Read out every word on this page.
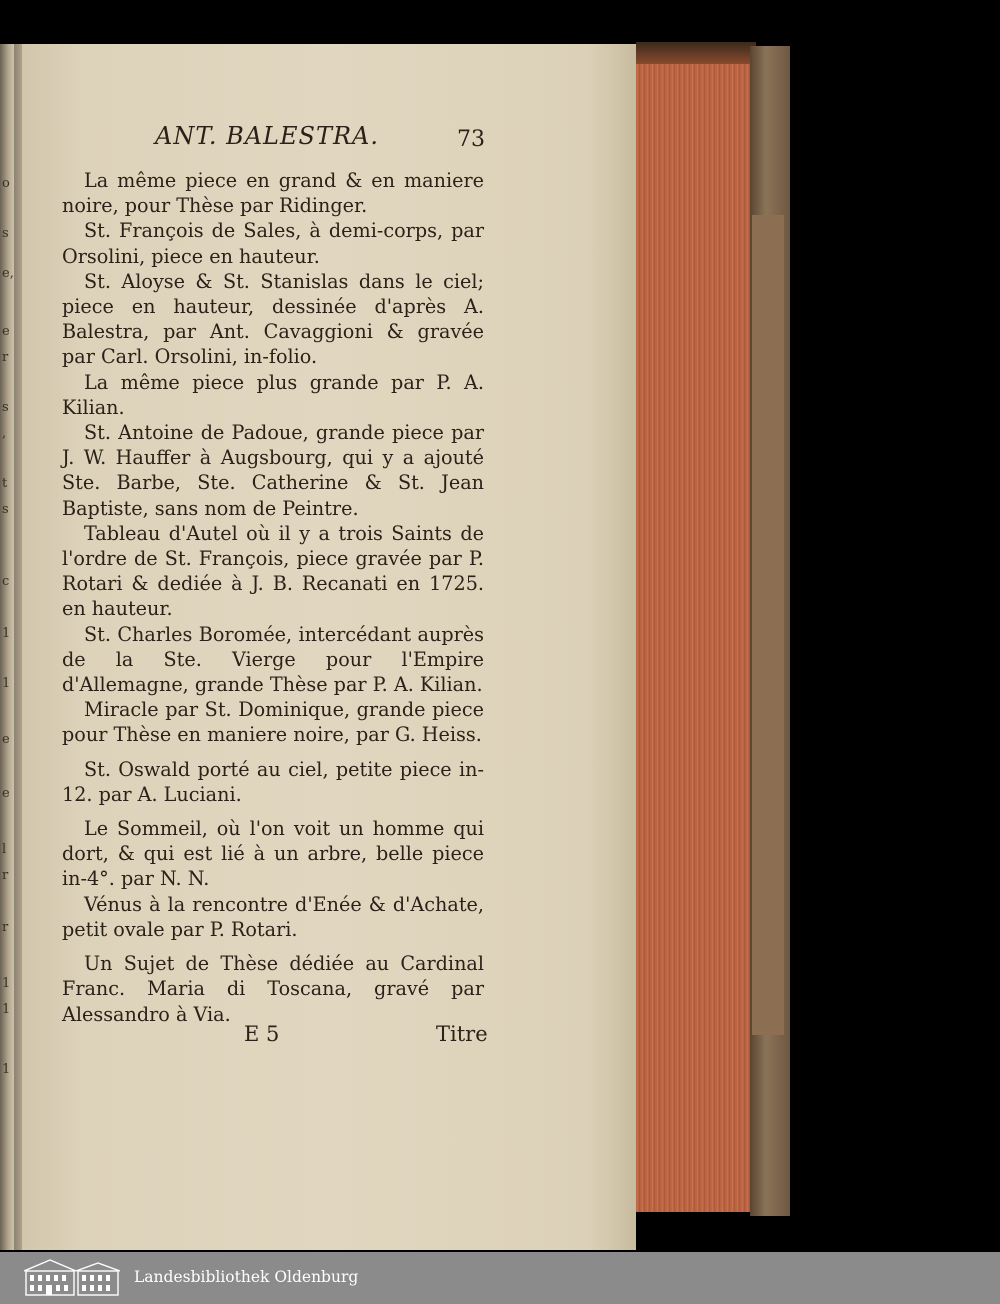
o
s
e,
e
r
s
,
t
s
c
1
1
e
e
l
r
r
1
1
1
ANT. BALESTRA.	73

La même piece en grand & en maniere noire, pour Thèse par Ridinger.

St. François de Sales, à demi-corps, par Orsolini, piece en hauteur.

St. Aloyse & St. Stanislas dans le ciel; piece en hauteur, dessinée d'après A. Balestra, par Ant. Cavaggioni & gravée par Carl. Orsolini, in-folio.

La même piece plus grande par P. A. Kilian.

St. Antoine de Padoue, grande piece par J. W. Hauffer à Augsbourg, qui y a ajouté Ste. Barbe, Ste. Catherine & St. Jean Baptiste, sans nom de Peintre.

Tableau d'Autel où il y a trois Saints de l'ordre de St. François, piece gravée par P. Rotari & dediée à J. B. Recanati en 1725. en hauteur.

St. Charles Boromée, intercédant auprès de la Ste. Vierge pour l'Empire d'Allemagne, grande Thèse par P. A. Kilian.

Miracle par St. Dominique, grande piece pour Thèse en maniere noire, par G. Heiss.

St. Oswald porté au ciel, petite piece in-12. par A. Luciani.

Le Sommeil, où l'on voit un homme qui dort, & qui est lié à un arbre, belle piece in-4°. par N. N.

Vénus à la rencontre d'Enée & d'Achate, petit ovale par P. Rotari.

Un Sujet de Thèse dédiée au Cardinal Franc. Maria di Toscana, gravé par Alessandro à Via.

E 5	Titre
Landesbibliothek Oldenburg
